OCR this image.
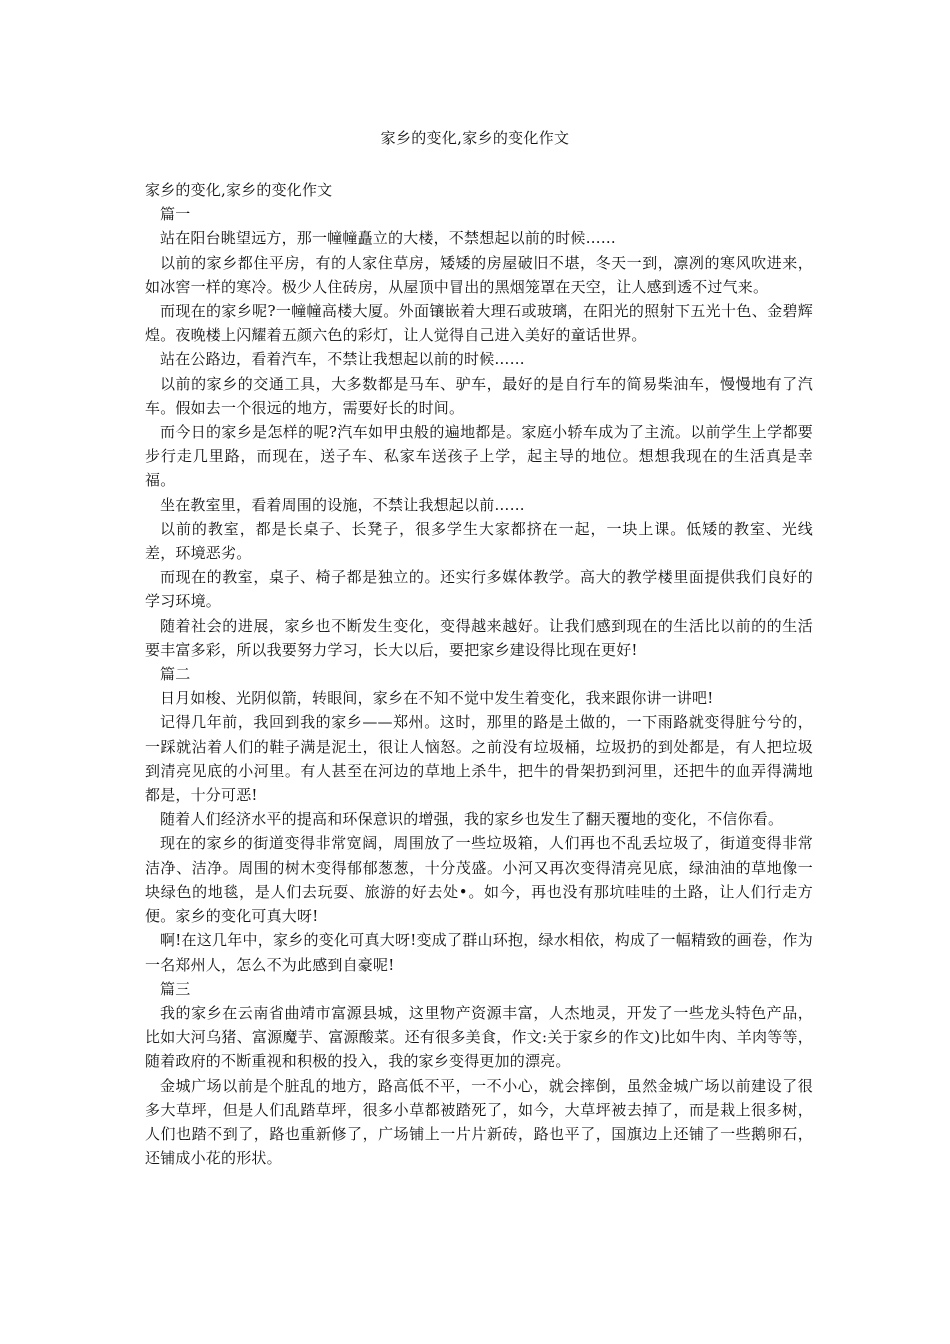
家乡的变化,家乡的变化作文

家乡的变化,家乡的变化作文

篇一

站在阳台眺望远方，那一幢幢矗立的大楼，不禁想起以前的时候……

以前的家乡都住平房，有的人家住草房，矮矮的房屋破旧不堪，冬天一到，凛冽的寒风吹进来，如冰窖一样的寒冷。极少人住砖房，从屋顶中冒出的黑烟笼罩在天空，让人感到透不过气来。

而现在的家乡呢?一幢幢高楼大厦。外面镶嵌着大理石或玻璃，在阳光的照射下五光十色、金碧辉煌。夜晚楼上闪耀着五颜六色的彩灯，让人觉得自己进入美好的童话世界。

站在公路边，看着汽车，不禁让我想起以前的时候……

以前的家乡的交通工具，大多数都是马车、驴车，最好的是自行车的简易柴油车，慢慢地有了汽车。假如去一个很远的地方，需要好长的时间。

而今日的家乡是怎样的呢?汽车如甲虫般的遍地都是。家庭小轿车成为了主流。以前学生上学都要步行走几里路，而现在，送子车、私家车送孩子上学，起主导的地位。想想我现在的生活真是幸福。

坐在教室里，看着周围的设施，不禁让我想起以前……

以前的教室，都是长桌子、长凳子，很多学生大家都挤在一起，一块上课。低矮的教室、光线差，环境恶劣。

而现在的教室，桌子、椅子都是独立的。还实行多媒体教学。高大的教学楼里面提供我们良好的学习环境。

随着社会的进展，家乡也不断发生变化，变得越来越好。让我们感到现在的生活比以前的的生活要丰富多彩，所以我要努力学习，长大以后，要把家乡建设得比现在更好!

篇二

日月如梭、光阴似箭，转眼间，家乡在不知不觉中发生着变化，我来跟你讲一讲吧!

记得几年前，我回到我的家乡——郑州。这时，那里的路是土做的，一下雨路就变得脏兮兮的，一踩就沾着人们的鞋子满是泥土，很让人恼怒。之前没有垃圾桶，垃圾扔的到处都是，有人把垃圾到清亮见底的小河里。有人甚至在河边的草地上杀牛，把牛的骨架扔到河里，还把牛的血弄得满地都是，十分可恶!

随着人们经济水平的提高和环保意识的增强，我的家乡也发生了翻天覆地的变化，不信你看。

现在的家乡的街道变得非常宽阔，周围放了一些垃圾箱，人们再也不乱丢垃圾了，街道变得非常洁净、洁净。周围的树木变得郁郁葱葱，十分茂盛。小河又再次变得清亮见底，绿油油的草地像一块绿色的地毯，是人们去玩耍、旅游的好去处•。如今，再也没有那坑哇哇的土路，让人们行走方便。家乡的变化可真大呀!

啊!在这几年中，家乡的变化可真大呀!变成了群山环抱，绿水相依，构成了一幅精致的画卷，作为一名郑州人，怎么不为此感到自豪呢!

篇三

我的家乡在云南省曲靖市富源县城，这里物产资源丰富，人杰地灵，开发了一些龙头特色产品，比如大河乌猪、富源魔芋、富源酸菜。还有很多美食，作文:关于家乡的作文)比如牛肉、羊肉等等，随着政府的不断重视和积极的投入，我的家乡变得更加的漂亮。

金城广场以前是个脏乱的地方，路高低不平，一不小心，就会摔倒，虽然金城广场以前建设了很多大草坪，但是人们乱踏草坪，很多小草都被踏死了，如今，大草坪被去掉了，而是栽上很多树，人们也踏不到了，路也重新修了，广场铺上一片片新砖，路也平了，国旗边上还铺了一些鹅卵石，还铺成小花的形状。
